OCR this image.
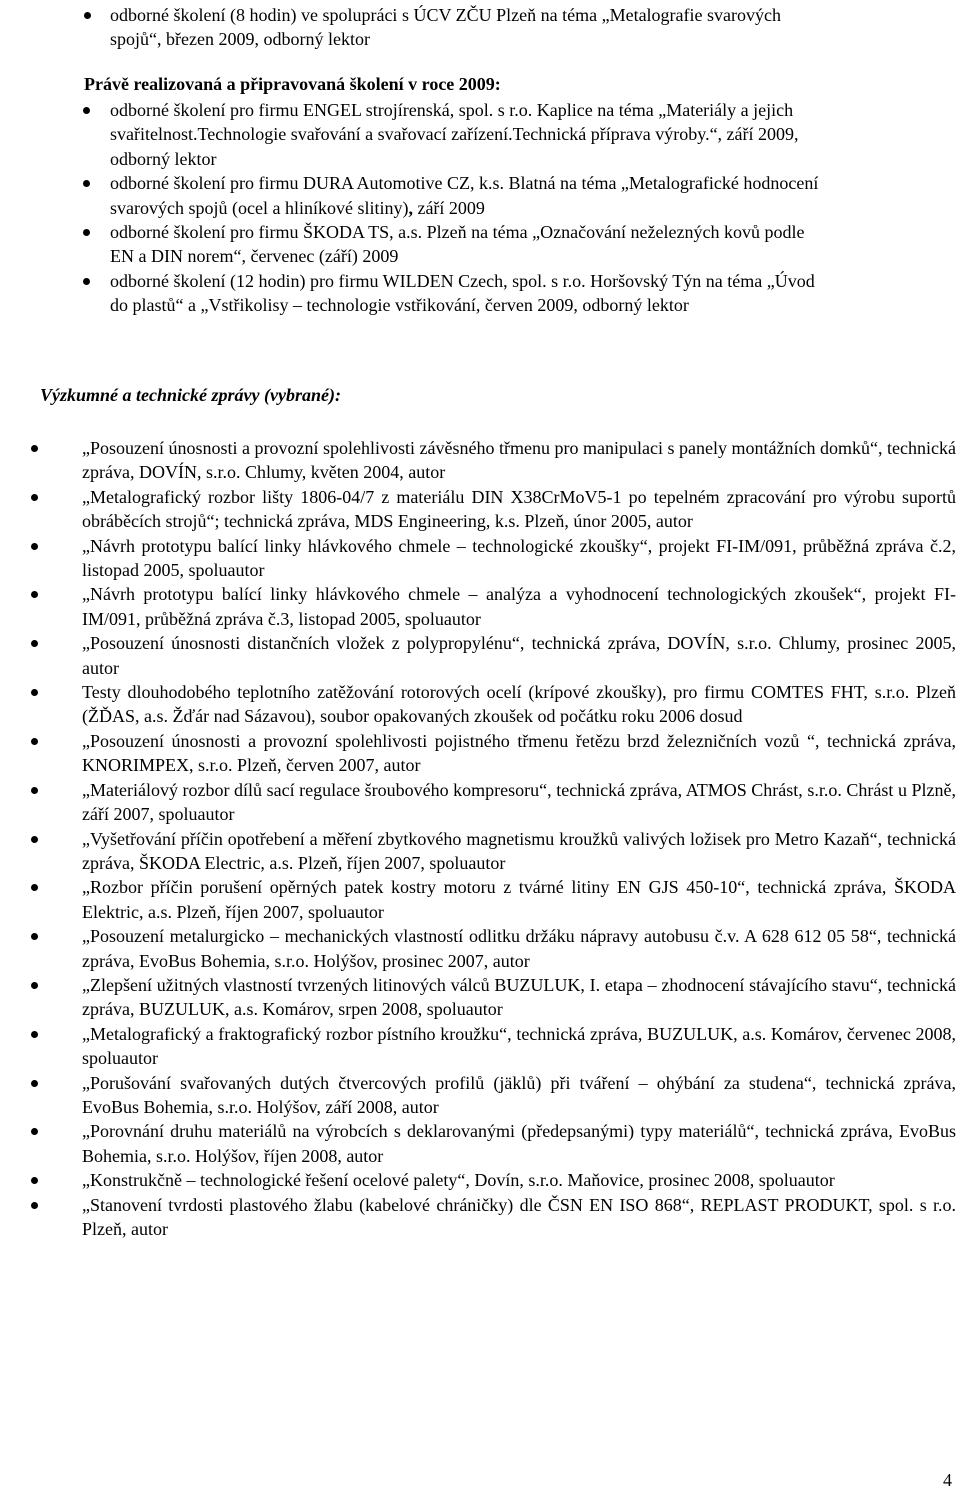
odborné školení (8 hodin) ve spolupráci s ÚCV ZČU Plzeň na téma „Metalografie svarových spojů“, březen 2009, odborný lektor
Právě realizovaná a připravovaná školení v roce 2009:
odborné školení pro firmu ENGEL strojírenská, spol. s r.o. Kaplice na téma „Materiály a jejich svařitelnost.Technologie svařování a svařovací zařízení.Technická příprava výroby.“, září 2009, odborný lektor
odborné školení pro firmu DURA Automotive CZ, k.s. Blatná na téma „Metalografické hodnocení svarových spojů (ocel a hliníkové slitiny), září 2009
odborné školení pro firmu ŠKODA TS, a.s. Plzeň na téma „Označování neželezných kovů podle EN a DIN norem“, červenec (září) 2009
odborné školení (12 hodin) pro firmu WILDEN Czech, spol. s r.o. Horšovský Týn na téma „Úvod do plastů“ a „Vstřikolisy – technologie vstřikování, červen 2009, odborný lektor
Výzkumné a technické zprávy (vybrané):
„Posouzení únosnosti a provozní spolehlivosti závěsného třmenu pro manipulaci s panely montážních domků“, technická zpráva, DOVÍN, s.r.o. Chlumy, květen 2004, autor
„Metalografický rozbor lišty 1806-04/7 z materiálu DIN X38CrMoV5-1 po tepelném zpracování pro výrobu suportů obráběcích strojů“; technická zpráva, MDS Engineering, k.s. Plzeň, únor 2005, autor
„Návrh prototypu balící linky hlávkového chmele – technologické zkoušky“, projekt FI-IM/091, průběžná zpráva č.2, listopad 2005, spoluautor
„Návrh prototypu balící linky hlávkového chmele – analýza a vyhodnocení technologických zkoušek“, projekt FI-IM/091, průběžná zpráva č.3, listopad 2005, spoluautor
„Posouzení únosnosti distančních vložek z polypropylénu“, technická zpráva, DOVÍN, s.r.o. Chlumy, prosinec 2005, autor
Testy dlouhodobého teplotního zatěžování rotorových ocelí (krípové zkoušky), pro firmu COMTES FHT, s.r.o. Plzeň (ŽĎAS, a.s. Žďár nad Sázavou), soubor opakovaných zkoušek od počátku roku 2006 dosud
„Posouzení únosnosti a provozní spolehlivosti pojistného třmenu řetězu brzd železničních vozů “, technická zpráva, KNORIMPEX, s.r.o. Plzeň, červen 2007, autor
„Materiálový rozbor dílů sací regulace šroubového kompresoru“, technická zpráva, ATMOS Chrást, s.r.o. Chrást u Plzně, září 2007, spoluautor
„Vyšetřování příčin opotřebení a měření zbytkového magnetismu kroužků valivých ložisek pro Metro Kazaň“, technická zpráva, ŠKODA Electric, a.s. Plzeň, říjen 2007, spoluautor
„Rozbor příčin porušení opěrných patek kostry motoru z tvárné litiny EN GJS 450-10“, technická zpráva, ŠKODA Elektric, a.s. Plzeň, říjen 2007, spoluautor
„Posouzení metalurgicko – mechanických vlastností odlitku držáku nápravy autobusu č.v. A 628 612 05 58“, technická zpráva, EvoBus Bohemia, s.r.o. Holýšov, prosinec 2007, autor
„Zlepšení užitných vlastností tvrzených litinových válců BUZULUK, I. etapa – zhodnocení stávajícího stavu“, technická zpráva, BUZULUK, a.s. Komárov, srpen 2008, spoluautor
„Metalografický a fraktografický rozbor pístního kroužku“, technická zpráva, BUZULUK, a.s. Komárov, červenec 2008, spoluautor
„Porušování svařovaných dutých čtvercových profilů (jäklů) při tváření – ohýbání za studena“, technická zpráva, EvoBus Bohemia, s.r.o. Holýšov, září 2008, autor
„Porovnání druhu materiálů na výrobcích s deklarovanými (předepsanými) typy materiálů“, technická zpráva, EvoBus Bohemia, s.r.o. Holýšov, říjen 2008, autor
„Konstrukčně – technologické řešení ocelové palety“, Dovín, s.r.o. Maňovice, prosinec 2008, spoluautor
„Stanovení tvrdosti plastového žlabu (kabelové chráničky) dle ČSN EN ISO 868“, REPLAST PRODUKT, spol. s r.o. Plzeň, autor
4
